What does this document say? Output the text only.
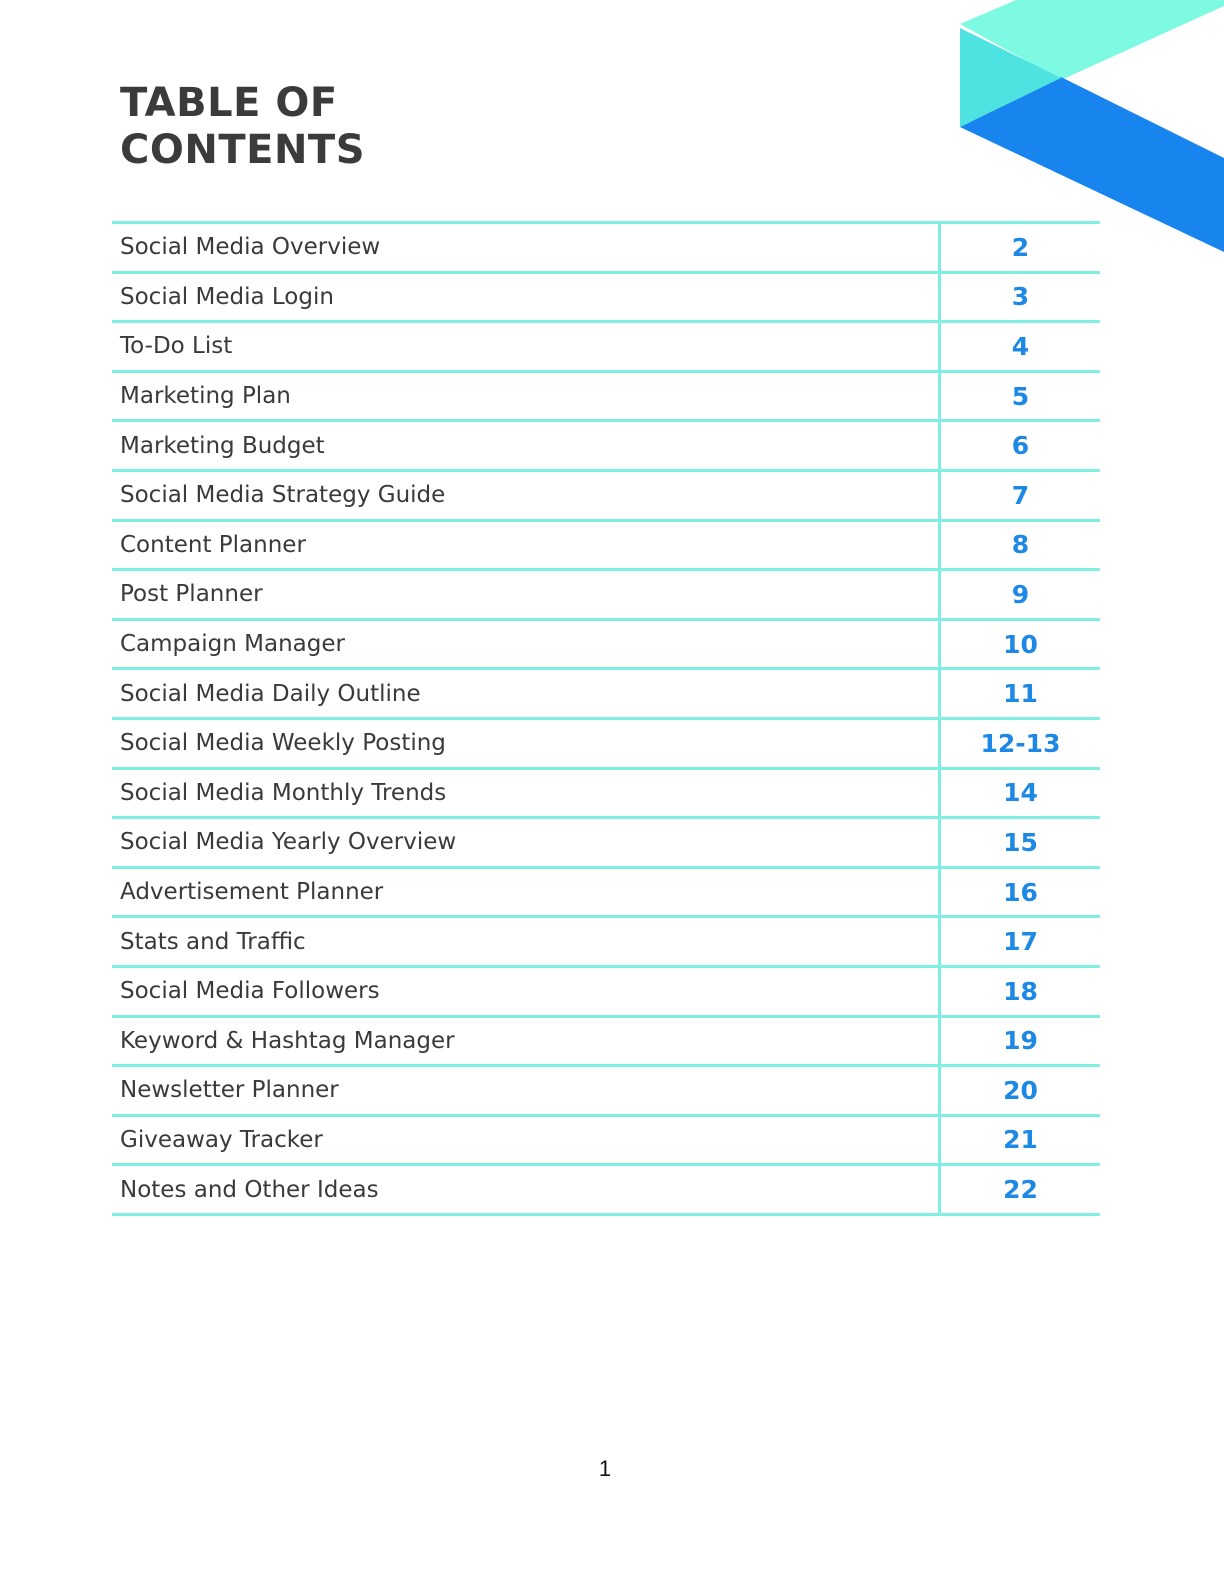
TABLE OF
CONTENTS
Social Media Overview	2
Social Media Login	3
To-Do List	4
Marketing Plan	5
Marketing Budget	6
Social Media Strategy Guide	7
Content Planner	8
Post Planner	9
Campaign Manager	10
Social Media Daily Outline	11
Social Media Weekly Posting	12-13
Social Media Monthly Trends	14
Social Media Yearly Overview	15
Advertisement Planner	16
Stats and Traffic	17
Social Media Followers	18
Keyword & Hashtag Manager	19
Newsletter Planner	20
Giveaway Tracker	21
Notes and Other Ideas	22
1
